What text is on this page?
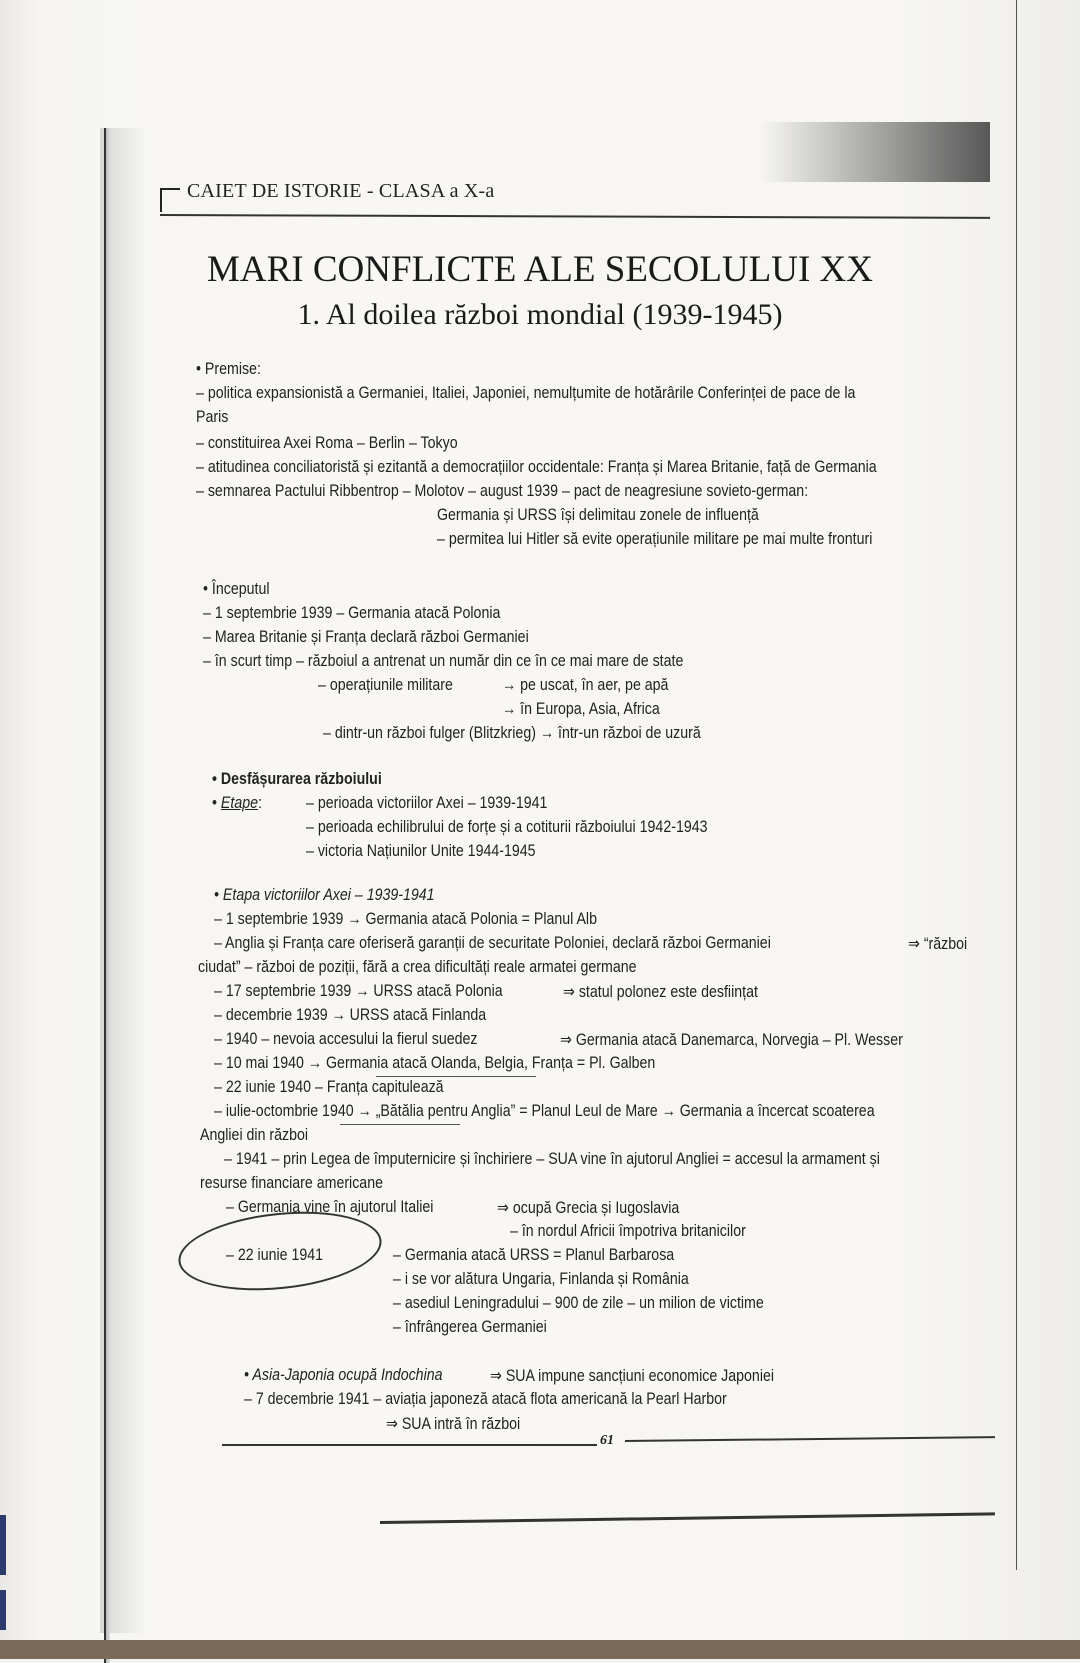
CAIET DE ISTORIE - CLASA a X-a
MARI CONFLICTE ALE SECOLULUI XX
1. Al doilea război mondial (1939-1945)
• Premise:
– politica expansionistă a Germaniei, Italiei, Japoniei, nemulțumite de hotărârile Conferinței de pace de la
Paris
– constituirea Axei Roma – Berlin – Tokyo
– atitudinea conciliatoristă și ezitantă a democrațiilor occidentale: Franța și Marea Britanie, față de Germania
– semnarea Pactului Ribbentrop – Molotov – august 1939 – pact de neagresiune sovieto-german:
Germania și URSS își delimitau zonele de influență
– permitea lui Hitler să evite operațiunile militare pe mai multe fronturi
• Începutul
– 1 septembrie 1939 – Germania atacă Polonia
– Marea Britanie și Franța declară război Germaniei
– în scurt timp – războiul a antrenat un număr din ce în ce mai mare de state
– operațiunile militare	→ pe uscat, în aer, pe apă
→ în Europa, Asia, Africa
– dintr-un război fulger (Blitzkrieg) → într-un război de uzură
• Desfășurarea războiului
• Etape:	– perioada victoriilor Axei – 1939-1941
– perioada echilibrului de forțe și a cotiturii războiului 1942-1943
– victoria Națiunilor Unite 1944-1945
• Etapa victoriilor Axei – 1939-1941
– 1 septembrie 1939 → Germania atacă Polonia = Planul Alb
– Anglia și Franța care oferiseră garanții de securitate Poloniei, declară război Germaniei	⇒ “război
ciudat” – război de poziții, fără a crea dificultăți reale armatei germane
– 17 septembrie 1939 → URSS atacă Polonia	⇒ statul polonez este desființat
– decembrie 1939 → URSS atacă Finlanda
– 1940 – nevoia accesului la fierul suedez	⇒ Germania atacă Danemarca, Norvegia – Pl. Wesser
– 10 mai 1940 → Germania atacă Olanda, Belgia, Franța = Pl. Galben
– 22 iunie 1940 – Franța capitulează
– iulie-octombrie 1940 → „Bătălia pentru Anglia” = Planul Leul de Mare → Germania a încercat scoaterea
Angliei din război
– 1941 – prin Legea de împuternicire și închiriere – SUA vine în ajutorul Angliei = accesul la armament și
resurse financiare americane
– Germania vine în ajutorul Italiei	⇒ ocupă Grecia și Iugoslavia
– în nordul Africii împotriva britanicilor
– 22 iunie 1941	– Germania atacă URSS = Planul Barbarosa
– i se vor alătura Ungaria, Finlanda și România
– asediul Leningradului – 900 de zile – un milion de victime
– înfrângerea Germaniei
• Asia-Japonia ocupă Indochina	⇒ SUA impune sancțiuni economice Japoniei
– 7 decembrie 1941 – aviația japoneză atacă flota americană la Pearl Harbor
⇒ SUA intră în război
61
